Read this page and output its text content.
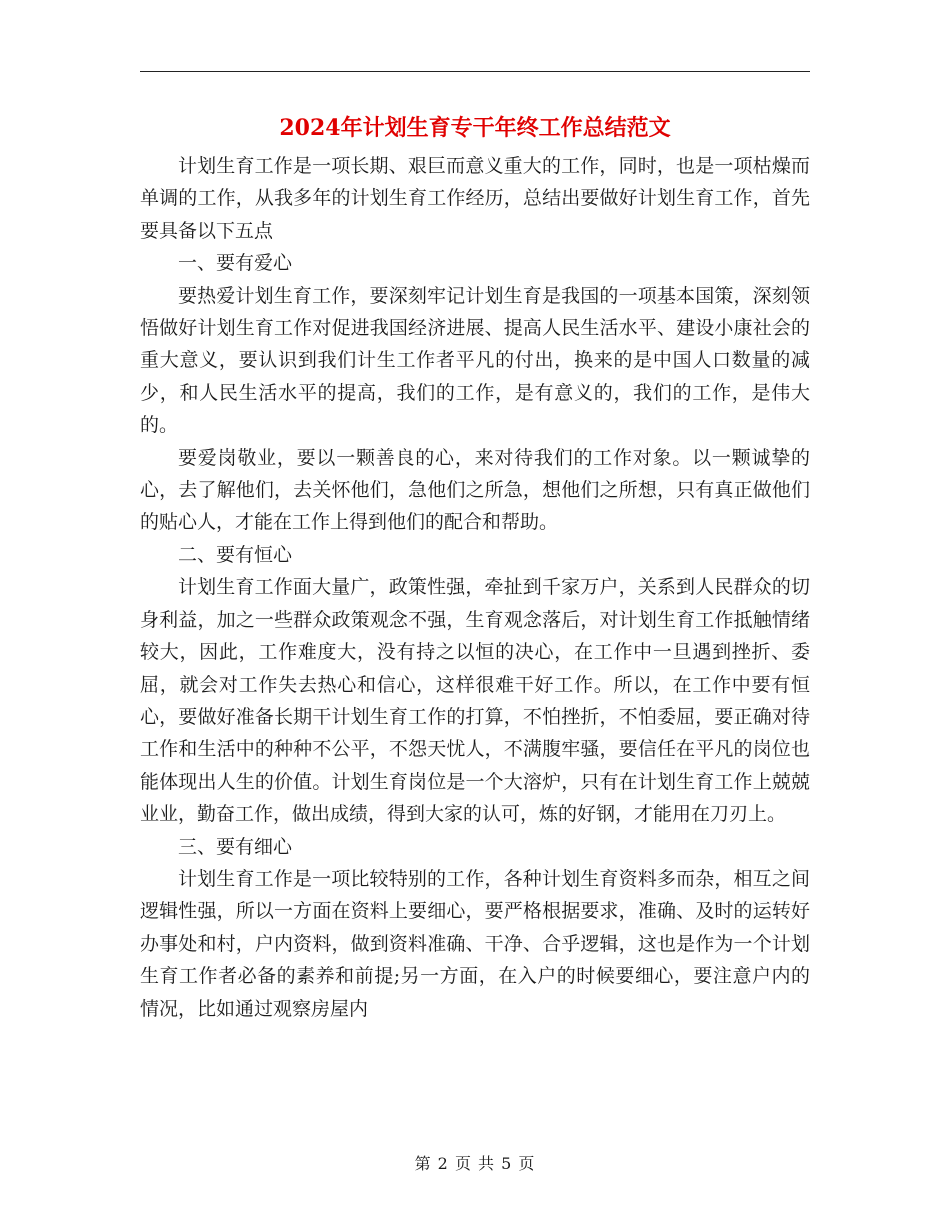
2024年计划生育专干年终工作总结范文

计划生育工作是一项长期、艰巨而意义重大的工作，同时，也是一项枯燥而单调的工作，从我多年的计划生育工作经历，总结出要做好计划生育工作，首先要具备以下五点

一、要有爱心

要热爱计划生育工作，要深刻牢记计划生育是我国的一项基本国策，深刻领悟做好计划生育工作对促进我国经济进展、提高人民生活水平、建设小康社会的重大意义，要认识到我们计生工作者平凡的付出，换来的是中国人口数量的减少，和人民生活水平的提高，我们的工作，是有意义的，我们的工作，是伟大的。

要爱岗敬业，要以一颗善良的心，来对待我们的工作对象。以一颗诚挚的心，去了解他们，去关怀他们，急他们之所急，想他们之所想，只有真正做他们的贴心人，才能在工作上得到他们的配合和帮助。

二、要有恒心

计划生育工作面大量广，政策性强，牵扯到千家万户，关系到人民群众的切身利益，加之一些群众政策观念不强，生育观念落后，对计划生育工作抵触情绪较大，因此，工作难度大，没有持之以恒的决心，在工作中一旦遇到挫折、委屈，就会对工作失去热心和信心，这样很难干好工作。所以，在工作中要有恒心，要做好准备长期干计划生育工作的打算，不怕挫折，不怕委屈，要正确对待工作和生活中的种种不公平，不怨天忧人，不满腹牢骚，要信任在平凡的岗位也能体现出人生的价值。计划生育岗位是一个大溶炉，只有在计划生育工作上兢兢业业，勤奋工作，做出成绩，得到大家的认可，炼的好钢，才能用在刀刃上。

三、要有细心

计划生育工作是一项比较特别的工作，各种计划生育资料多而杂，相互之间逻辑性强，所以一方面在资料上要细心，要严格根据要求，准确、及时的运转好办事处和村，户内资料，做到资料准确、干净、合乎逻辑，这也是作为一个计划生育工作者必备的素养和前提;另一方面，在入户的时候要细心，要注意户内的情况，比如通过观察房屋内

第 2 页 共 5 页
